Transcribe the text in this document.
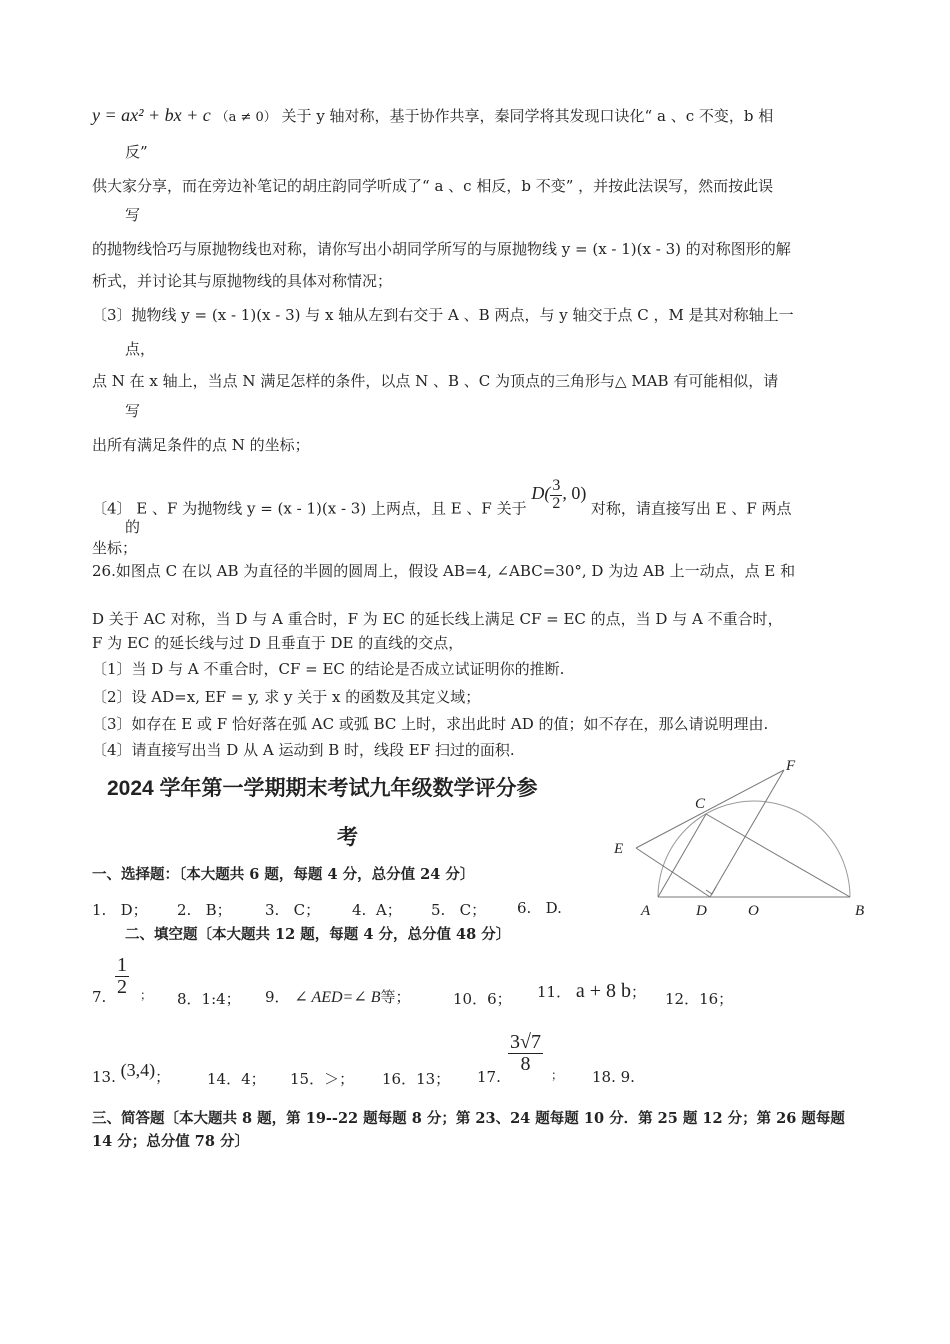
y = ax² + bx + c （a ≠ 0） 关于 y 轴对称，基于协作共享，秦同学将其发现口诀化“ a 、c 不变，b 相
反”
供大家分享，而在旁边补笔记的胡庄韵同学听成了“ a 、c 相反，b 不变” ，并按此法误写，然而按此误
写
的抛物线恰巧与原抛物线也对称，请你写出小胡同学所写的与原抛物线 y = (x - 1)(x - 3) 的对称图形的解
析式，并讨论其与原抛物线的具体对称情况；
〔3〕抛物线 y = (x - 1)(x - 3) 与 x 轴从左到右交于 A 、B 两点，与 y 轴交于点 C ，M 是其对称轴上一
点，
点 N 在 x 轴上，当点 N 满足怎样的条件，以点 N 、B 、C 为顶点的三角形与△ MAB 有可能相似，请
写
出所有满足条件的点 N 的坐标；
〔4〕 E 、F 为抛物线 y = (x - 1)(x - 3) 上两点，且 E 、F 关于 $D( \frac{3}{2}$ , 0) 对称，请直接写出 E 、F 两点
的
坐标；
26.如图点 C 在以 AB 为直径的半圆的圆周上，假设 AB=4, ∠ABC=30°, D 为边 AB 上一动点，点 E 和
D 关于 AC 对称，当 D 与 A 重合时，F 为 EC 的延长线上满足 CF = EC 的点，当 D 与 A 不重合时，
F 为 EC 的延长线与过 D 且垂直于 DE 的直线的交点，
〔1〕当 D 与 A 不重合时，CF = EC 的结论是否成立试证明你的推断.
〔2〕设 AD=x, EF = y, 求 y 关于 x 的函数及其定义域；
〔3〕如存在 E 或 F 恰好落在弧 AC 或弧 BC 上时，求出此时 AD 的值；如不存在，那么请说明理由.
〔4〕请直接写出当 D 从 A 运动到 B 时，线段 EF 扫过的面积.
F
C
E
A	D	O	B
2024 学年第一学期期末考试九年级数学评分参
考
一、选择题：〔本大题共 6 题，每题 4 分，总分值 24 分〕
1. D； 2. B； 3. C； 4. A； 5. C； 6. D.
二、填空题〔本大题共 12 题，每题 4 分，总分值 48 分〕
7. $\frac{1}{2}$ ； 8．1:4； 9． ∠ AED=∠ B等；	10．6； 11． a + 8 b； 12．16；
13. (3,4)； 14．4； 15．＞； 16．13； 17.
$\frac{3√7}{8}$ ； 18. 9.
三、简答题〔本大题共 8 题，第 19--22 题每题 8 分；第 23、24 题每题 10 分．第 25 题 12 分；第 26 题每题
14 分；总分值 78 分〕
